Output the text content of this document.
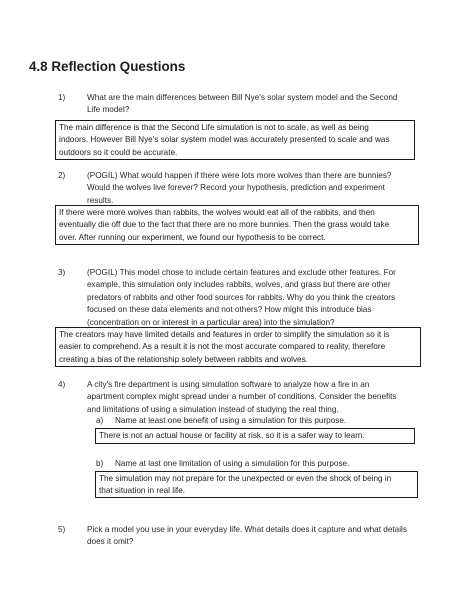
4.8 Reflection Questions
1)	What are the main differences between Bill Nye's solar system model and the Second
Life model?
The main difference is that the Second Life simulation is not to scale, as well as being
indoors. However Bill Nye's solar system model was accurately presented to scale and was
outdoors so it could be accurate.
2)	(POGIL) What would happen if there were lots more wolves than there are bunnies?
Would the wolves live forever? Record your hypothesis, prediction and experiment
results.
If there were more wolves than rabbits, the wolves would eat all of the rabbits, and then
eventually die off due to the fact that there are no more bunnies. Then the grass would take
over. After running our experiment, we found our hypothesis to be correct.
3)	(POGIL) This model chose to include certain features and exclude other features. For
example, this simulation only includes rabbits, wolves, and grass but there are other
predators of rabbits and other food sources for rabbits. Why do you think the creators
focused on these data elements and not others? How might this introduce bias
(concentration on or interest in a particular area) into the simulation?
The creators may have limited details and features in order to simplify the simulation so it is
easier to comprehend. As a result it is not the most accurate compared to reality, therefore
creating a bias of the relationship solely between rabbits and wolves.
4)	A city's fire department is using simulation software to analyze how a fire in an
apartment complex might spread under a number of conditions. Consider the benefits
and limitations of using a simulation instead of studying the real thing.
a) Name at least one benefit of using a simulation for this purpose.
There is not an actual house or facility at risk, so it is a safer way to learn.
b) Name at last one limitation of using a simulation for this purpose.
The simulation may not prepare for the unexpected or even the shock of being in
that situation in real life.
5)	Pick a model you use in your everyday life. What details does it capture and what details
does it omit?
